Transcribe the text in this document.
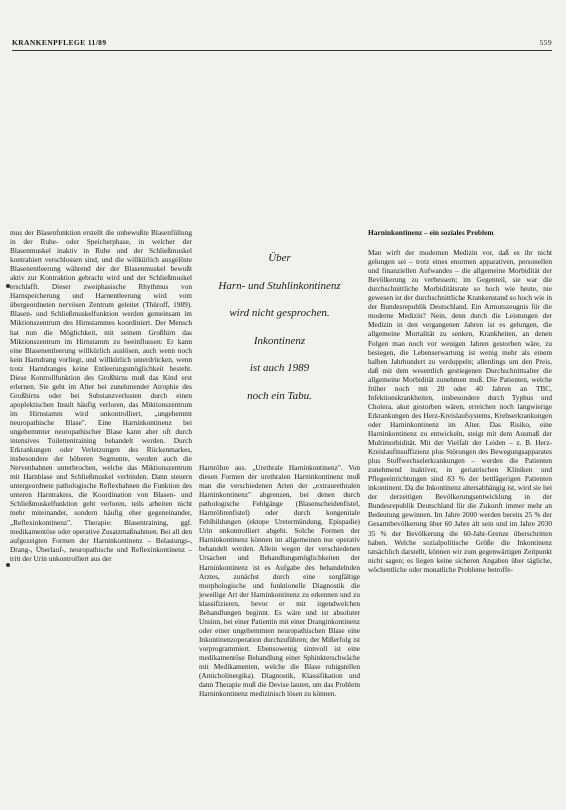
KRANKENPFLEGE 11/89	559

mus der Blasenfunktion erstellt die unbewußte Blasenfüllung in der Ruhe- oder Speicherphase, in welcher der Blasenmuskel inaktiv in Ruhe und der Schließmuskel kontrahiert verschlossen sind, und die willkürlich ausgelöste Blasenentleerung während der der Blasenmuskel bewußt aktiv zur Kontraktion gebracht wird und der Schließmuskel erschlafft. Dieser zweiphasische Rhythmus von Harnspeicherung und Harnentleerung wird vom übergeordneten nervösen Zentrum geleitet (Thüroff, 1989). Blasen- und Schließmuskelfunktion werden gemeinsam im Miktionszentrum des Hirnstammes koordiniert. Der Mensch hat nun die Möglichkeit, mit seinem Großhirn das Miktionszentrum im Hirnstamm zu beeinflussen: Er kann eine Blasenentleerung willkürlich auslösen, auch wenn noch kein Harndrang vorliegt, und willkürlich unterdrücken, wenn trotz Harndranges keine Entleerungsmöglichkeit besteht. Diese Kontrollfunktion des Großhirns muß das Kind erst erlernen. Sie geht im Alter bei zunehmender Atrophie des Großhirns oder bei Substanzverlusten durch einen apoplektischen Insult häufig verloren, das Miktionszentrum im Hirnstamm wird unkontrolliert, „ungehemmt neuropathische Blase". Eine Harninkontinenz bei ungehemmter neuropathischer Blase kann aber oft durch intensives Toilettentraining behandelt werden. Durch Erkrankungen oder Verletzungen des Rückenmarkes, insbesondere der höheren Segmente, werden auch die Nervenbahnen unterbrochen, welche das Miktionszentrum mit Harnblase und Schließmuskel verbinden. Dann steuern untergeordnete pathologische Reflexbahnen die Funktion des unteren Harntraktes, die Koordination von Blasen- und Schließmuskelfunktion geht verloren, teils arbeiten nicht mehr miteinander, sondern häufig eher gegeneinander, „Reflexinkontinenz". Therapie: Blasentraining, ggf. medikamentöse oder operative Zusatzmaßnahmen. Bei all den aufgezeigten Formen der Harninkontinenz – Belastungs-, Drang-, Überlauf-, neuropathische und Reflexinkontinenz – tritt der Urin unkontrolliert aus der

Über
Harn- und Stuhlinkontinenz
wird nicht gesprochen.
Inkontinenz
ist auch 1989
noch ein Tabu.

Harnröhre aus. „Urethrale Harninkontinenz". Von diesen Formen der urethralen Harninkontinenz muß man die verschiedenen Arten der „extraurethralen Harninkontinenz" abgrenzen, bei denen durch pathologische Fehlgänge (Blasenscheidenfistel, Harnröhrenfistel) oder durch kongenitale Fehlbildungen (ektope Uretermündung, Epispadie) Urin unkontrolliert abgeht. Solche Formen der Harninkontinenz können im allgemeinen nur operativ behandelt werden. Allein wegen der verschiedenen Ursachen und Behandlungsmöglichkeiten der Harninkontinenz ist es Aufgabe des behandelnden Arztes, zunächst durch eine sorgfältige morphologische und funktionelle Diagnostik die jeweilige Art der Harninkontinenz zu erkennen und zu klassifizieren, bevor er mit irgendwelchen Behandlungen beginnt. Es wäre und ist absoluter Unsinn, bei einer Patientin mit einer Dranginkontinenz oder einer ungehemmten neuropathischen Blase eine Inkontinenzoperation durchzuführen; der Mißerfolg ist vorprogrammiert. Ebensowenig sinnvoll ist eine medikamentöse Behandlung einer Sphinkterschwäche mit Medikamenten, welche die Blase ruhigstellen (Anticholinergika). Diagnostik, Klassifikation und dann Therapie muß die Devise lauten, um das Problem Harninkontinenz medizinisch lösen zu können.

Harninkontinenz – ein soziales Problem

Man wirft der modernen Medizin vor, daß es ihr nicht gelungen sei – trotz eines enormen apparativen, personellen und finanziellen Aufwandes – die allgemeine Morbidität der Bevölkerung zu verbessern; im Gegenteil, sie war die durchschnittliche Morbiditätsrate so hoch wie heute, nie gewesen ist der durchschnittliche Krankenstand so hoch wie in der Bundesrepublik Deutschland. Ein Armutszeugnis für die moderne Medizin? Nein, denn durch die Leistungen der Medizin in den vergangenen Jahren ist es gelungen, die allgemeine Mortalität zu senken, Krankheiten, an denen Folgen man noch vor wenigen Jahren gestorben wäre, zu besiegen, die Lebenserwartung ist wenig mehr als einem halben Jahrhundert zu verdoppeln; allerdings um den Preis, daß mit dem wesentlich gestiegenen Durchschnittsalter die allgemeine Morbidität zunehmen muß. Die Patienten, welche früher noch mit 20 oder 40 Jahren an TBC, Infektionskrankheiten, insbesondere durch Typhus und Cholera, akut gestorben wären, erreichen noch langwierige Erkrankungen des Herz-Kreislaufsystems, Krebserkrankungen oder Harninkontinenz im Alter. Das Risiko, eine Harninkontinenz zu entwickeln, steigt mit dem Ausmaß der Multimorbidität. Mit der Vielfalt der Leiden – z. B. Herz-Kreislaufinsuffizienz plus Störungen des Bewegungsapparates plus Stoffwechselerkrankungen – werden die Patienten zunehmend inaktiver, in geriatrischen Kliniken und Pflegeeinrichtungen sind 83 % der bettlägerigen Patienten inkontinent. Da die Inkontinenz altersabhängig ist, wird sie bei der derzeitigen Bevölkerungsentwicklung in der Bundesrepublik Deutschland für die Zukunft immer mehr an Bedeutung gewinnen. Im Jahre 2000 werden bereits 25 % der Gesamtbevölkerung über 60 Jahre alt sein und im Jahre 2030 35 % der Bevölkerung die 60-Jahr-Grenze überschritten haben. Welche sozialpolitische Größe die Inkontinenz tatsächlich darstellt, können wir zum gegenwärtigen Zeitpunkt nicht sagen; es liegen keine sicheren Angaben über tägliche, wöchentliche oder monatliche Probleme betroffe-
